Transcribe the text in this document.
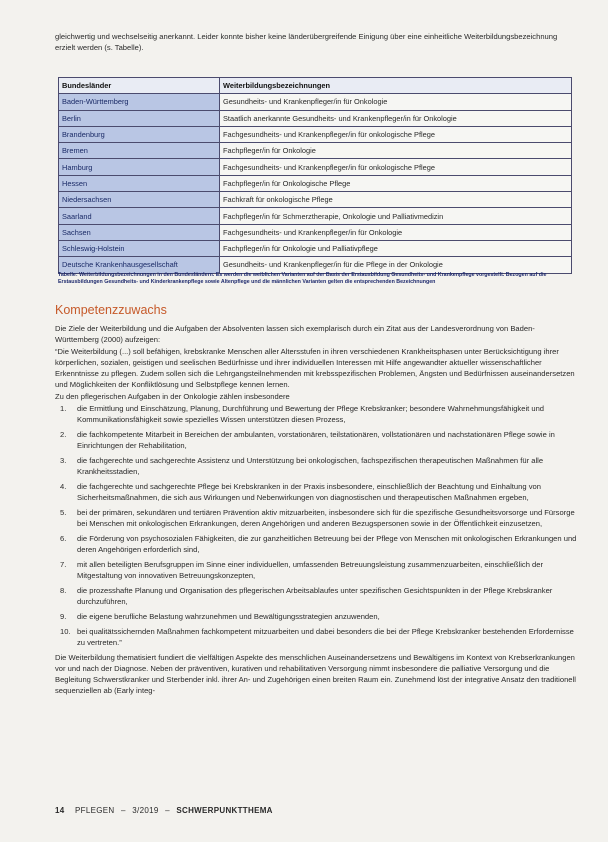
gleichwertig und wechselseitig anerkannt. Leider konnte bisher keine länderübergreifende Einigung über eine einheitliche Weiterbildungsbezeichnung erzielt werden (s. Tabelle).

Bundesländer	Weiterbildungsbezeichnungen
Baden-Württemberg	Gesundheits- und Krankenpfleger/in für Onkologie
Berlin	Staatlich anerkannte Gesundheits- und Krankenpfleger/in für Onkologie
Brandenburg	Fachgesundheits- und Krankenpfleger/in für onkologische Pflege
Bremen	Fachpfleger/in für Onkologie
Hamburg	Fachgesundheits- und Krankenpfleger/in für onkologische Pflege
Hessen	Fachpfleger/in für Onkologische Pflege
Niedersachsen	Fachkraft für onkologische Pflege
Saarland	Fachpfleger/in für Schmerztherapie, Onkologie und Palliativmedizin
Sachsen	Fachgesundheits- und Krankenpfleger/in für Onkologie
Schleswig-Holstein	Fachpfleger/in für Onkologie und Palliativpflege
Deutsche Krankenhausgesellschaft	Gesundheits- und Krankenpfleger/in für die Pflege in der Onkologie
Tabelle: Weiterbildungsbezeichnungen in den Bundesländern. Es werden die weiblichen Varianten auf der Basis der Erstausbildung Gesundheits- und Krankenpflege vorgestellt. Bezogen auf die Erstausbildungen Gesundheits- und Kinderkrankenpflege sowie Altenpflege und die männlichen Varianten gelten die entsprechenden Bezeichnungen
Kompetenzzuwachs

Die Ziele der Weiterbildung und die Aufgaben der Absolventen lassen sich exemplarisch durch ein Zitat aus der Landesverordnung von Baden-Württemberg (2000) aufzeigen:

“Die Weiterbildung (...) soll befähigen, krebskranke Menschen aller Altersstufen in ihren verschiedenen Krankheitsphasen unter Berücksichtigung ihrer körperlichen, sozialen, geistigen und seelischen Bedürfnisse und ihrer individuellen Interessen mit Hilfe angewandter aktueller wissenschaftlicher Erkenntnisse zu pflegen. Zudem sollen sich die Lehrgangsteilnehmenden mit krebsspezifischen Problemen, Ängsten und Bedürfnissen auseinandersetzen und Möglichkeiten der Konfliktlösung und Selbstpflege kennen lernen.

Zu den pflegerischen Aufgaben in der Onkologie zählen insbesondere

1. die Ermittlung und Einschätzung, Planung, Durchführung und Bewertung der Pflege Krebskranker; besondere Wahrnehmungsfähigkeit und Kommunikationsfähigkeit sowie spezielles Wissen unterstützen diesen Prozess,
2. die fachkompetente Mitarbeit in Bereichen der ambulanten, vorstationären, teilstationären, vollstationären und nachstationären Pflege sowie in Einrichtungen der Rehabilitation,
3. die fachgerechte und sachgerechte Assistenz und Unterstützung bei onkologischen, fachspezifischen therapeutischen Maßnahmen für alle Krankheitsstadien,
4. die fachgerechte und sachgerechte Pflege bei Krebskranken in der Praxis insbesondere, einschließlich der Beachtung und Einhaltung von Sicherheitsmaßnahmen, die sich aus Wirkungen und Nebenwirkungen von diagnostischen und therapeutischen Maßnahmen ergeben,
5. bei der primären, sekundären und tertiären Prävention aktiv mitzuarbeiten, insbesondere sich für die spezifische Gesundheitsvorsorge und Fürsorge bei Menschen mit onkologischen Erkrankungen, deren Angehörigen und anderen Bezugspersonen sowie in der Öffentlichkeit einzusetzen,
6. die Förderung von psychosozialen Fähigkeiten, die zur ganzheitlichen Betreuung bei der Pflege von Menschen mit onkologischen Erkrankungen und deren Angehörigen erforderlich sind,
7. mit allen beteiligten Berufsgruppen im Sinne einer individuellen, umfassenden Betreuungsleistung zusammenzuarbeiten, einschließlich der Mitgestaltung von innovativen Betreuungskonzepten,
8. die prozesshafte Planung und Organisation des pflegerischen Arbeitsablaufes unter spezifischen Gesichtspunkten in der Pflege Krebskranker durchzuführen,
9. die eigene berufliche Belastung wahrzunehmen und Bewältigungsstrategien anzuwenden,
10. bei qualitätssichernden Maßnahmen fachkompetent mitzuarbeiten und dabei besonders die bei der Pflege Krebskranker bestehenden Erfordernisse zu vertreten.”

Die Weiterbildung thematisiert fundiert die vielfältigen Aspekte des menschlichen Auseinandersetzens und Bewältigens im Kontext von Krebserkrankungen vor und nach der Diagnose. Neben der präventiven, kurativen und rehabilitativen Versorgung nimmt insbesondere die palliative Versorgung und die Begleitung Schwerstkranker und Sterbender inkl. ihrer An- und Zugehörigen einen breiten Raum ein. Zunehmend löst der integrative Ansatz den traditionell sequenziellen ab (Early integ-

14 PFLEGEN – 3/2019 – SCHWERPUNKTTHEMA
